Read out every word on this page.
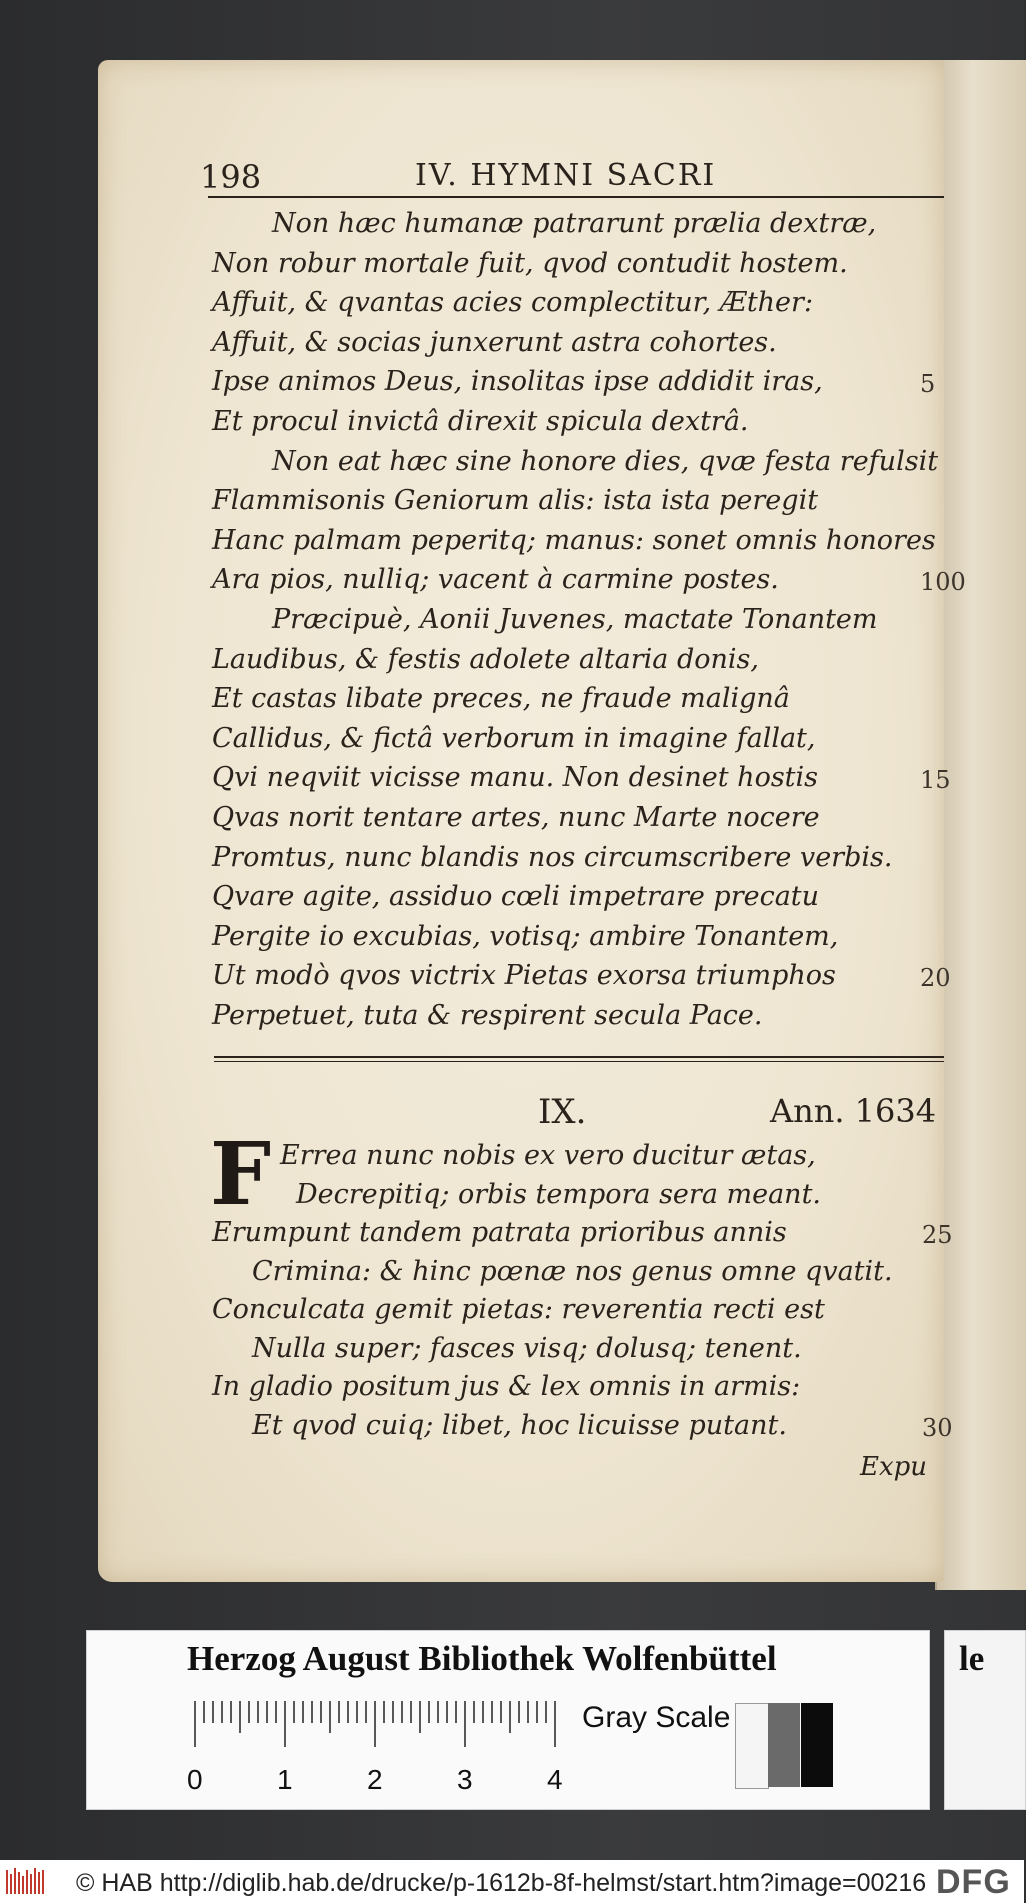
198	IV. HYMNI SACRI
Non hæc humanæ patrarunt prælia dextræ,
Non robur mortale fuit, qvod contudit hostem.
Affuit, & qvantas acies complectitur, Æther:
Affuit, & socias junxerunt astra cohortes.
Ipse animos Deus, insolitas ipse addidit iras,
Et procul invictâ direxit spicula dextrâ.
Non eat hæc sine honore dies, qvæ festa refulsit
Flammisonis Geniorum alis: ista ista peregit
Hanc palmam peperitq; manus: sonet omnis honores
Ara pios, nulliq; vacent à carmine postes.
Præcipuè, Aonii Juvenes, mactate Tonantem
Laudibus, & festis adolete altaria donis,
Et castas libate preces, ne fraude malignâ
Callidus, & fictâ verborum in imagine fallat,
Qvi neqviit vicisse manu. Non desinet hostis
Qvas norit tentare artes, nunc Marte nocere
Promtus, nunc blandis nos circumscribere verbis.
Qvare agite, assiduo cœli impetrare precatu
Pergite io excubias, votisq; ambire Tonantem,
Ut modò qvos victrix Pietas exorsa triumphos
Perpetuet, tuta & respirent secula Pace.
5
100
15
20
IX.	Ann. 1634
F Errea nunc nobis ex vero ducitur ætas,
Decrepitiq; orbis tempora sera meant.
Erumpunt tandem patrata prioribus annis
Crimina: & hinc pœnæ nos genus omne qvatit.
Conculcata gemit pietas: reverentia recti est
Nulla super; fasces visq; dolusq; tenent.
In gladio positum jus & lex omnis in armis:
Et qvod cuiq; libet, hoc licuisse putant.
25
30
Expu
Herzog August Bibliothek Wolfenbüttel
0	1	2	3	4
Gray Scale
le
© HAB http://diglib.hab.de/drucke/p-1612b-8f-helmst/start.htm?image=00216 DFG
